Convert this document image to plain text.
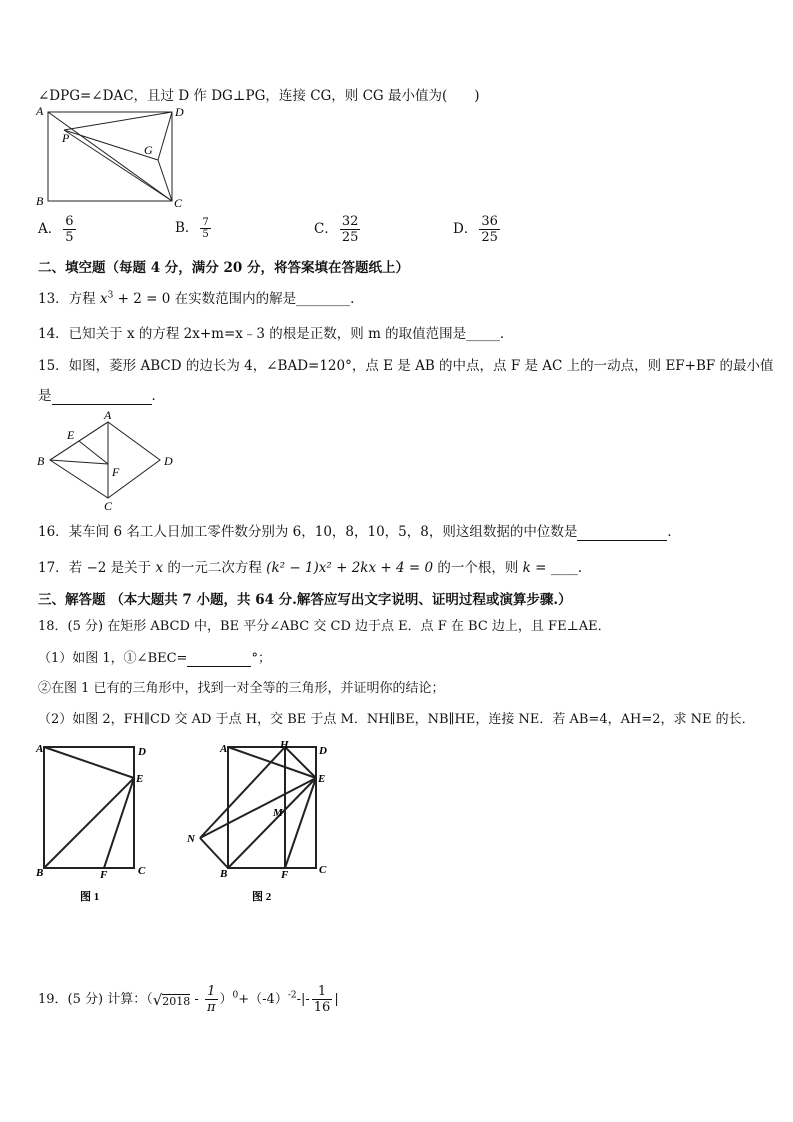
∠DPG=∠DAC，且过 D 作 DG⊥PG，连接 CG，则 CG 最小值为(　　)
A	D
P
G
B	C
A． $\frac{6}{5}$	B． $\frac{7}{5}$	C． $\frac{32}{25}$	D． $\frac{36}{25}$
二、填空题（每题 4 分，满分 20 分，将答案填在答题纸上）
13．方程 $x^3 + 2 = 0$ 在实数范围内的解是________.
14．已知关于 x 的方程 2x+m=x﹣3 的根是正数，则 m 的取值范围是_____．
15．如图，菱形 ABCD 的边长为 4，∠BAD=120°，点 E 是 AB 的中点，点 F 是 AC 上的一动点，则 EF+BF 的最小值
是	．
A
E
B
F
D
C
16．某车间 6 名工人日加工零件数分别为 6，10，8，10，5，8，则这组数据的中位数是	．
17．若 −2 是关于 x 的一元二次方程 (k² − 1)x² + 2kx + 4 = 0 的一个根，则 k = ____.
三、解答题 （本大题共 7 小题，共 64 分.解答应写出文字说明、证明过程或演算步骤.）
18．(5 分) 在矩形 ABCD 中，BE 平分∠ABC 交 CD 边于点 E．点 F 在 BC 边上，且 FE⊥AE．
（1）如图 1，①∠BEC=	°；
②在图 1 已有的三角形中，找到一对全等的三角形，并证明你的结论；
（2）如图 2，FH∥CD 交 AD 于点 H，交 BE 于点 M．NH∥BE，NB∥HE，连接 NE．若 AB=4，AH=2，求 NE 的长．
A	D
E
B	F	C
图 1
A	H	D
E
M
N
B	F	C
图 2
19．(5 分) 计算：$(√2018 - \frac{1}{\pi} )^0+(-4)^{-2}-|- \frac{1}{16}$ |
